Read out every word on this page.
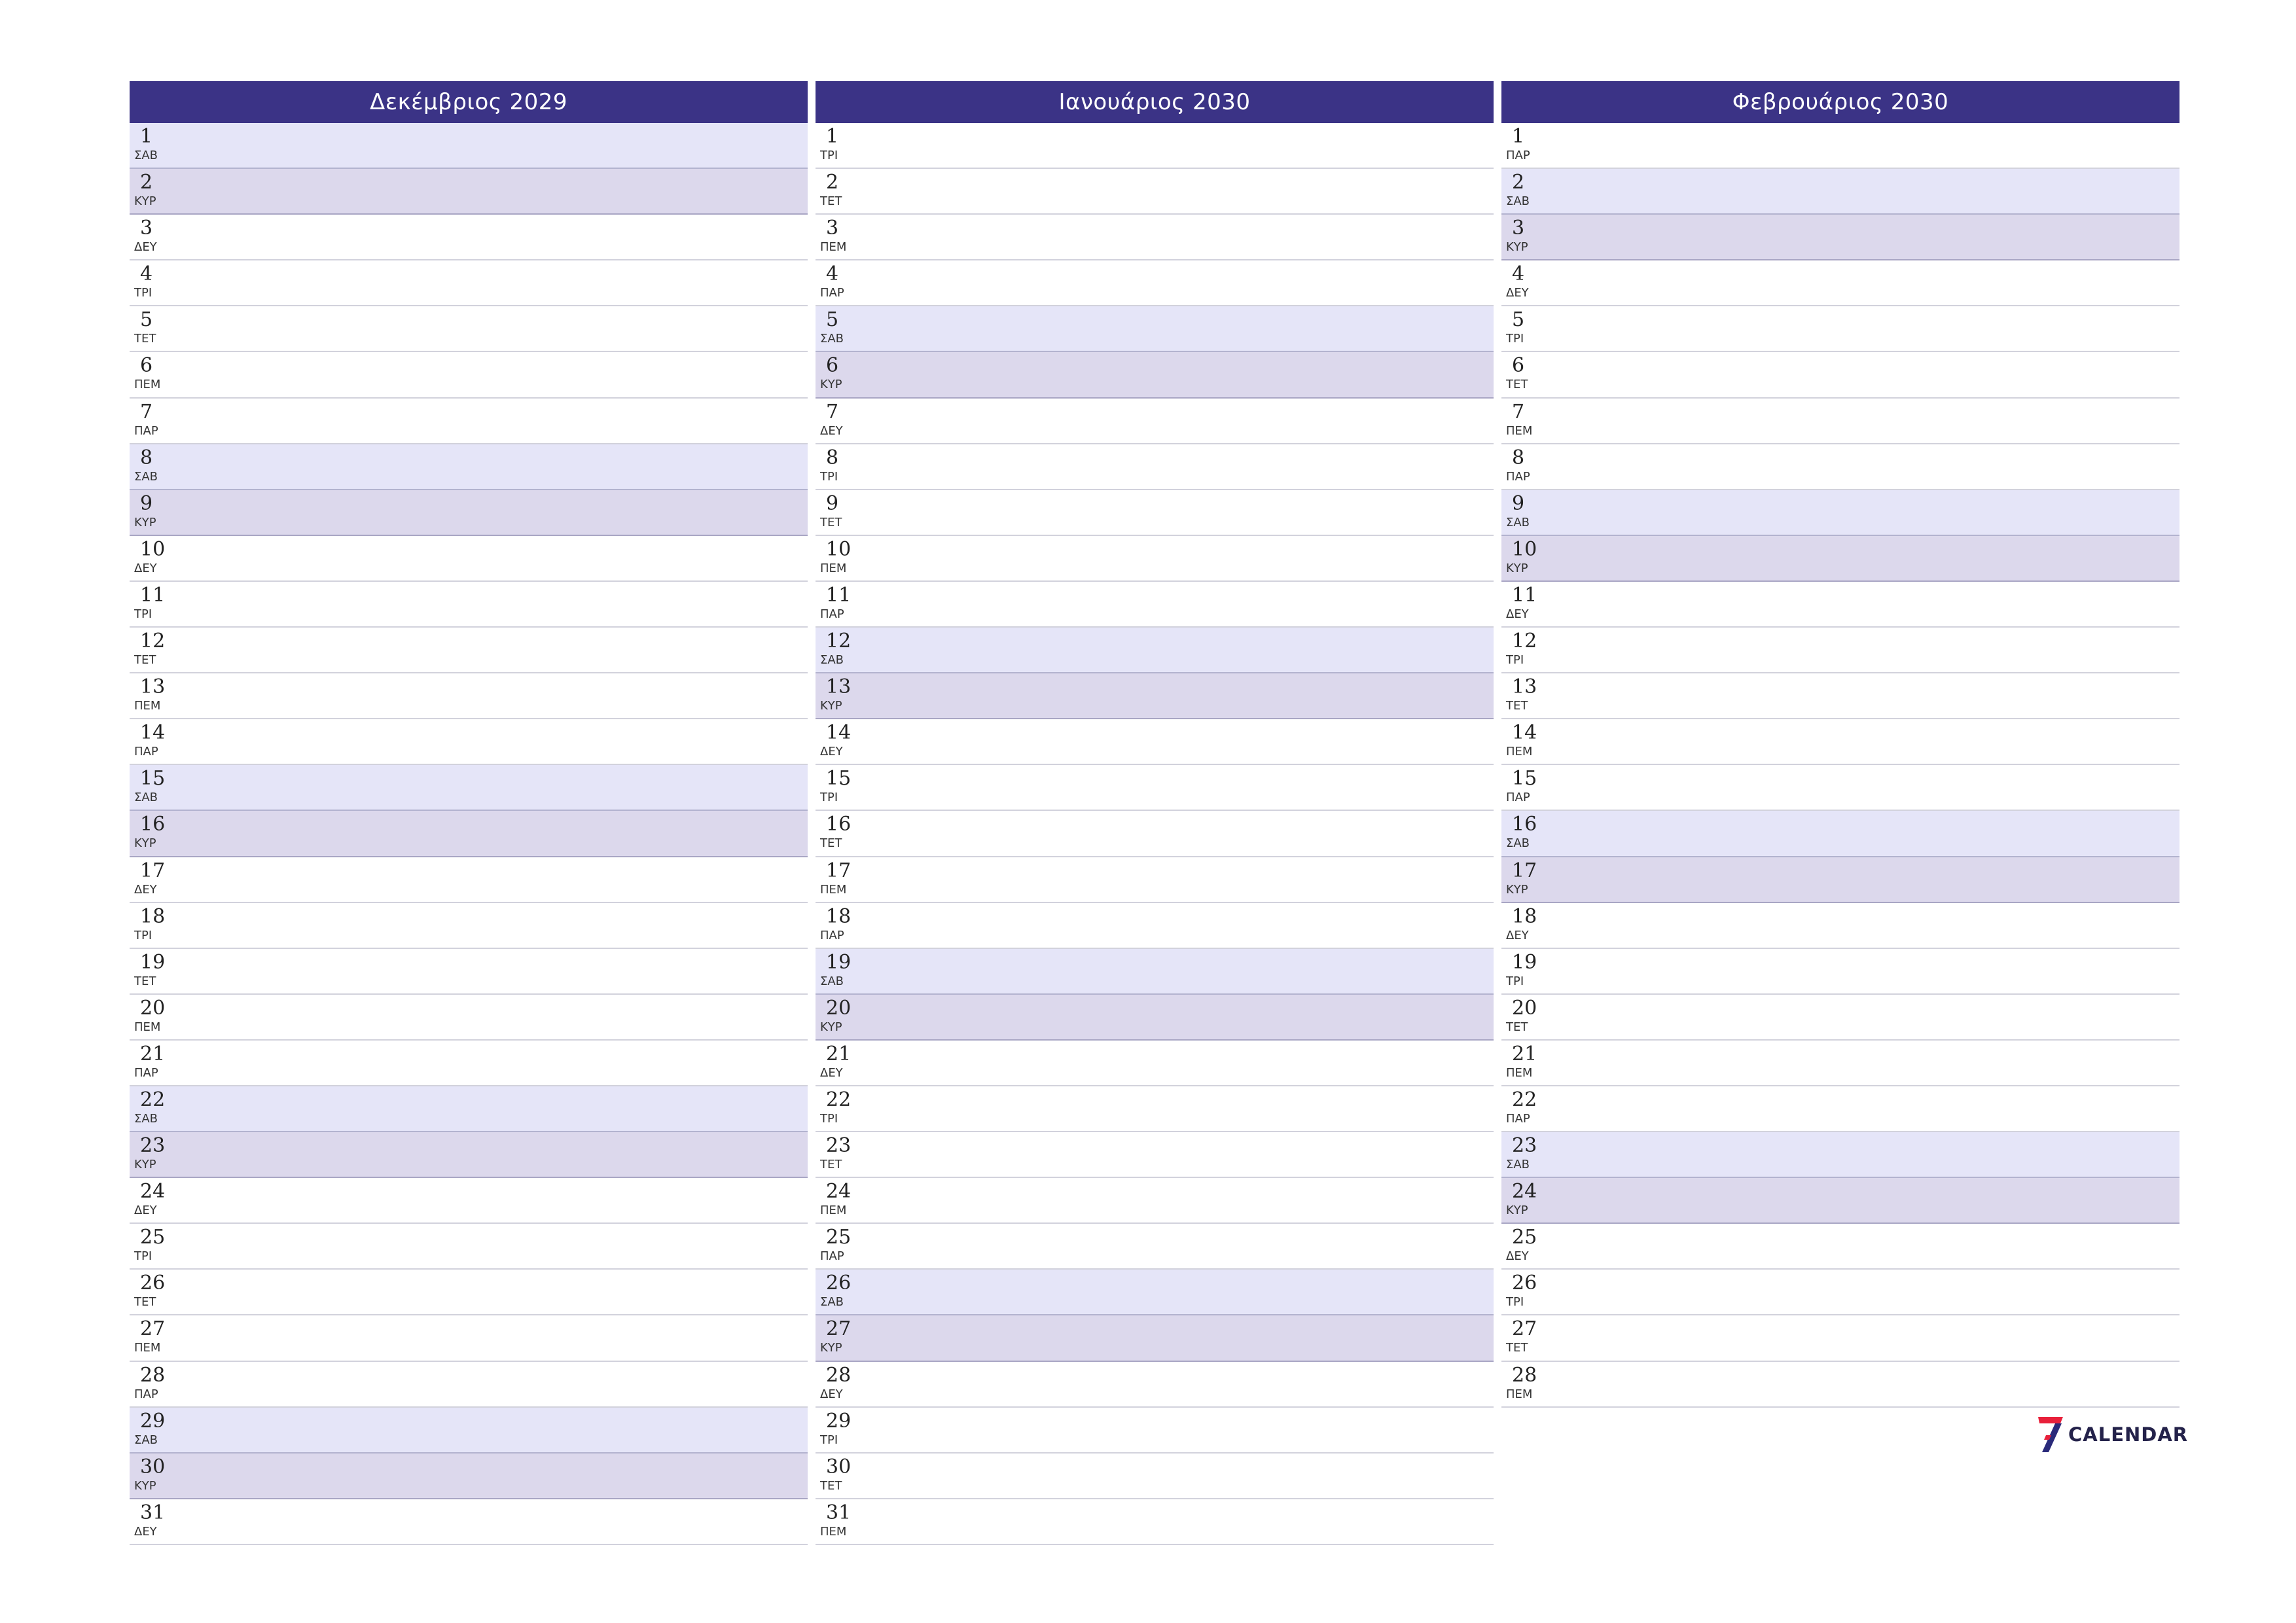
Δεκέμβριος 2029
1
ΣΑΒ
2
ΚΥΡ
3
ΔΕΥ
4
ΤΡΙ
5
ΤΕΤ
6
ΠΕΜ
7
ΠΑΡ
8
ΣΑΒ
9
ΚΥΡ
10
ΔΕΥ
11
ΤΡΙ
12
ΤΕΤ
13
ΠΕΜ
14
ΠΑΡ
15
ΣΑΒ
16
ΚΥΡ
17
ΔΕΥ
18
ΤΡΙ
19
ΤΕΤ
20
ΠΕΜ
21
ΠΑΡ
22
ΣΑΒ
23
ΚΥΡ
24
ΔΕΥ
25
ΤΡΙ
26
ΤΕΤ
27
ΠΕΜ
28
ΠΑΡ
29
ΣΑΒ
30
ΚΥΡ
31
ΔΕΥ
Ιανουάριος 2030
1
ΤΡΙ
2
ΤΕΤ
3
ΠΕΜ
4
ΠΑΡ
5
ΣΑΒ
6
ΚΥΡ
7
ΔΕΥ
8
ΤΡΙ
9
ΤΕΤ
10
ΠΕΜ
11
ΠΑΡ
12
ΣΑΒ
13
ΚΥΡ
14
ΔΕΥ
15
ΤΡΙ
16
ΤΕΤ
17
ΠΕΜ
18
ΠΑΡ
19
ΣΑΒ
20
ΚΥΡ
21
ΔΕΥ
22
ΤΡΙ
23
ΤΕΤ
24
ΠΕΜ
25
ΠΑΡ
26
ΣΑΒ
27
ΚΥΡ
28
ΔΕΥ
29
ΤΡΙ
30
ΤΕΤ
31
ΠΕΜ
Φεβρουάριος 2030
1
ΠΑΡ
2
ΣΑΒ
3
ΚΥΡ
4
ΔΕΥ
5
ΤΡΙ
6
ΤΕΤ
7
ΠΕΜ
8
ΠΑΡ
9
ΣΑΒ
10
ΚΥΡ
11
ΔΕΥ
12
ΤΡΙ
13
ΤΕΤ
14
ΠΕΜ
15
ΠΑΡ
16
ΣΑΒ
17
ΚΥΡ
18
ΔΕΥ
19
ΤΡΙ
20
ΤΕΤ
21
ΠΕΜ
22
ΠΑΡ
23
ΣΑΒ
24
ΚΥΡ
25
ΔΕΥ
26
ΤΡΙ
27
ΤΕΤ
28
ΠΕΜ
CALENDAR
